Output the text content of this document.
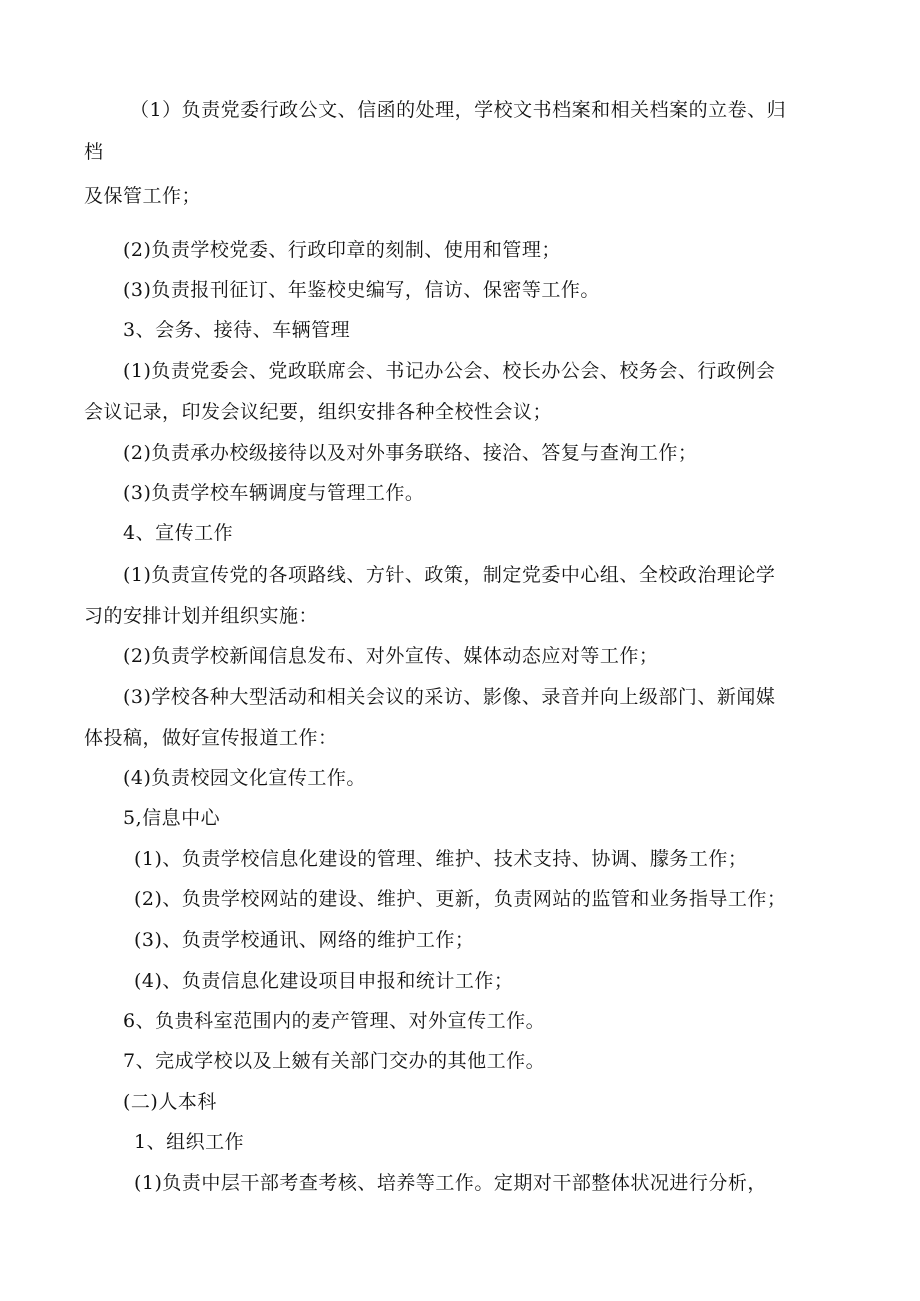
（1）负责党委行政公文、信函的处理，学校文书档案和相关档案的立卷、归
档
及保管工作；
(2)负责学校党委、行政印章的刻制、使用和管理；
(3)负责报刊征订、年鉴校史编写，信访、保密等工作。
3、会务、接待、车辆管理
(1)负责党委会、党政联席会、书记办公会、校长办公会、校务会、行政例会
会议记录，印发会议纪要，组织安排各种全校性会议；
(2)负责承办校级接待以及对外事务联络、接洽、答复与查洵工作；
(3)负责学校车辆调度与管理工作。
4、宣传工作
(1)负责宣传党的各项路线、方针、政策，制定党委中心组、全校政治理论学
习的安排计划并组织实施：
(2)负责学校新闻信息发布、对外宣传、媒体动态应对等工作；
(3)学校各种大型活动和相关会议的采访、影像、录音并向上级部门、新闻媒
体投稿，做好宣传报道工作：
(4)负责校园文化宣传工作。
5,信息中心
(1)、负责学校信息化建设的管理、维护、技术支持、协调、朦务工作；
(2)、负贵学校网站的建设、维护、更新，负责网站的监管和业务指导工作；
(3)、负责学校通讯、网络的维护工作；
(4)、负责信息化建设项目申报和统计工作；
6、负贵科室范围内的麦产管理、对外宣传工作。
7、完成学校以及上皴有关部门交办的其他工作。
(二)人本科
1、组织工作
(1)负责中层干部考查考核、培养等工作。定期对干部整体状况进行分析，
